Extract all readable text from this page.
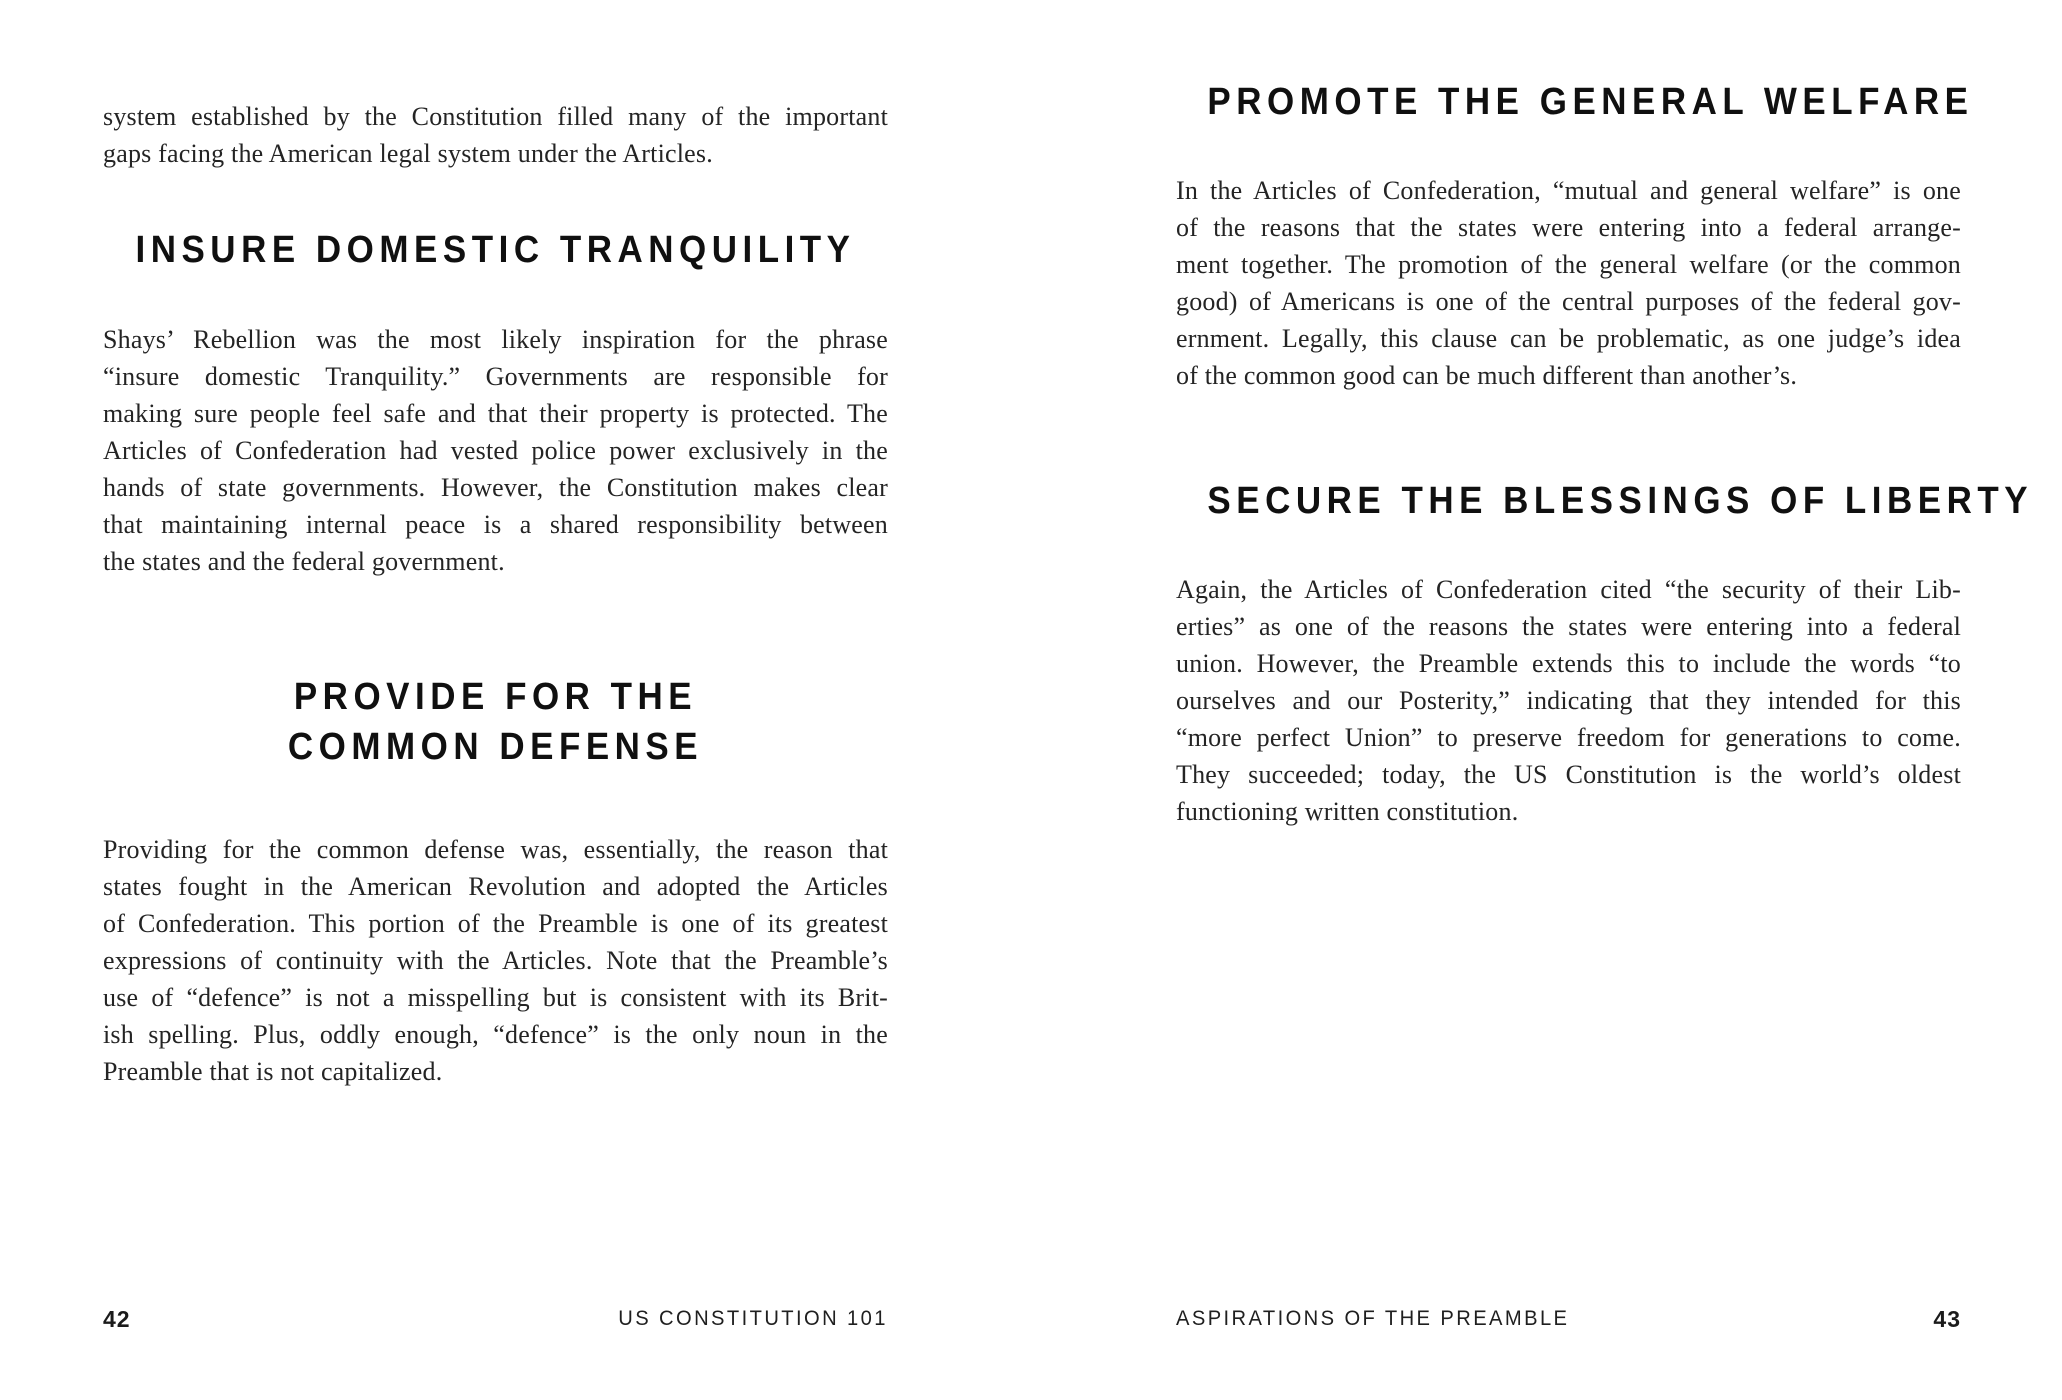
system established by the Constitution filled many of the important
gaps facing the American legal system under the Articles.
INSURE DOMESTIC TRANQUILITY
Shays’ Rebellion was the most likely inspiration for the phrase
“insure domestic Tranquility.” Governments are responsible for
making sure people feel safe and that their property is protected. The
Articles of Confederation had vested police power exclusively in the
hands of state governments. However, the Constitution makes clear
that maintaining internal peace is a shared responsibility between
the states and the federal government.
PROVIDE FOR THE
COMMON DEFENSE
Providing for the common defense was, essentially, the reason that
states fought in the American Revolution and adopted the Articles
of Confederation. This portion of the Preamble is one of its greatest
expressions of continuity with the Articles. Note that the Preamble’s
use of “defence” is not a misspelling but is consistent with its Brit-
ish spelling. Plus, oddly enough, “defence” is the only noun in the
Preamble that is not capitalized.
PROMOTE THE GENERAL WELFARE
In the Articles of Confederation, “mutual and general welfare” is one
of the reasons that the states were entering into a federal arrange-
ment together. The promotion of the general welfare (or the common
good) of Americans is one of the central purposes of the federal gov-
ernment. Legally, this clause can be problematic, as one judge’s idea
of the common good can be much different than another’s.
SECURE THE BLESSINGS OF LIBERTY
Again, the Articles of Confederation cited “the security of their Lib-
erties” as one of the reasons the states were entering into a federal
union. However, the Preamble extends this to include the words “to
ourselves and our Posterity,” indicating that they intended for this
“more perfect Union” to preserve freedom for generations to come.
They succeeded; today, the US Constitution is the world’s oldest
functioning written constitution.
42	US CONSTITUTION 101	ASPIRATIONS OF THE PREAMBLE	43
